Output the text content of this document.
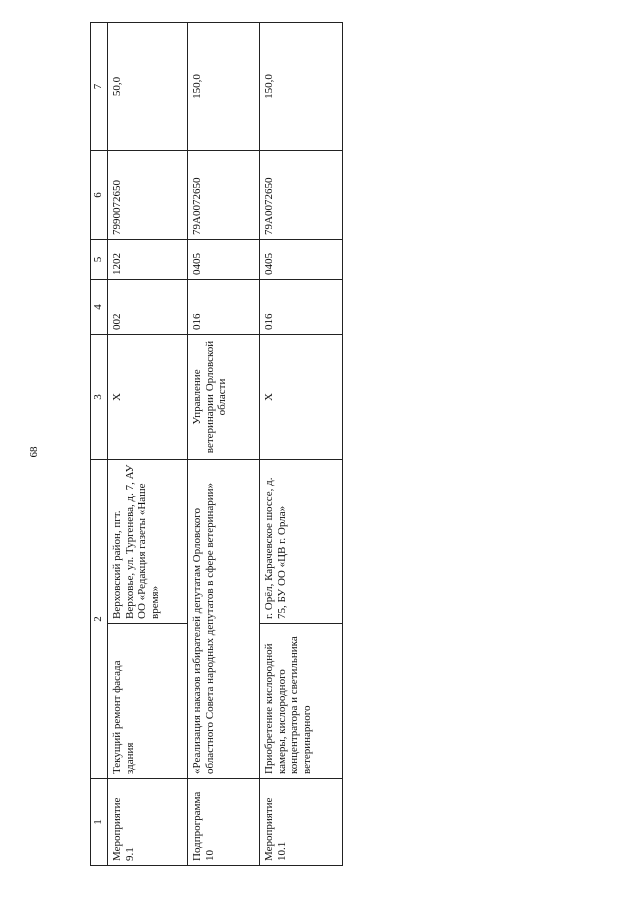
68
1	2		3	4	5	6	7
Мероприятие 9.1	Текущий ремонт фасада здания	Верховский район, пгт. Верховье, ул. Тургенева, д. 7, АУ ОО «Редакция газеты «Наше время»	Х	002	1202	7990072650	50,0
Подпрограмма 10	«Реализация наказов избирателей депутатам Орловского областного Совета народных депутатов в сфере ветеринарии»		Управление ветеринарии Орловской области	016	0405	79А0072650	150,0
Мероприятие 10.1	Приобретение кислородной камеры, кислородного концентратора и светильника ветеринарного	г. Орёл, Карачевское шоссе, д. 75, БУ ОО «ЦВ г. Орла»	Х	016	0405	79А0072650	150,0
